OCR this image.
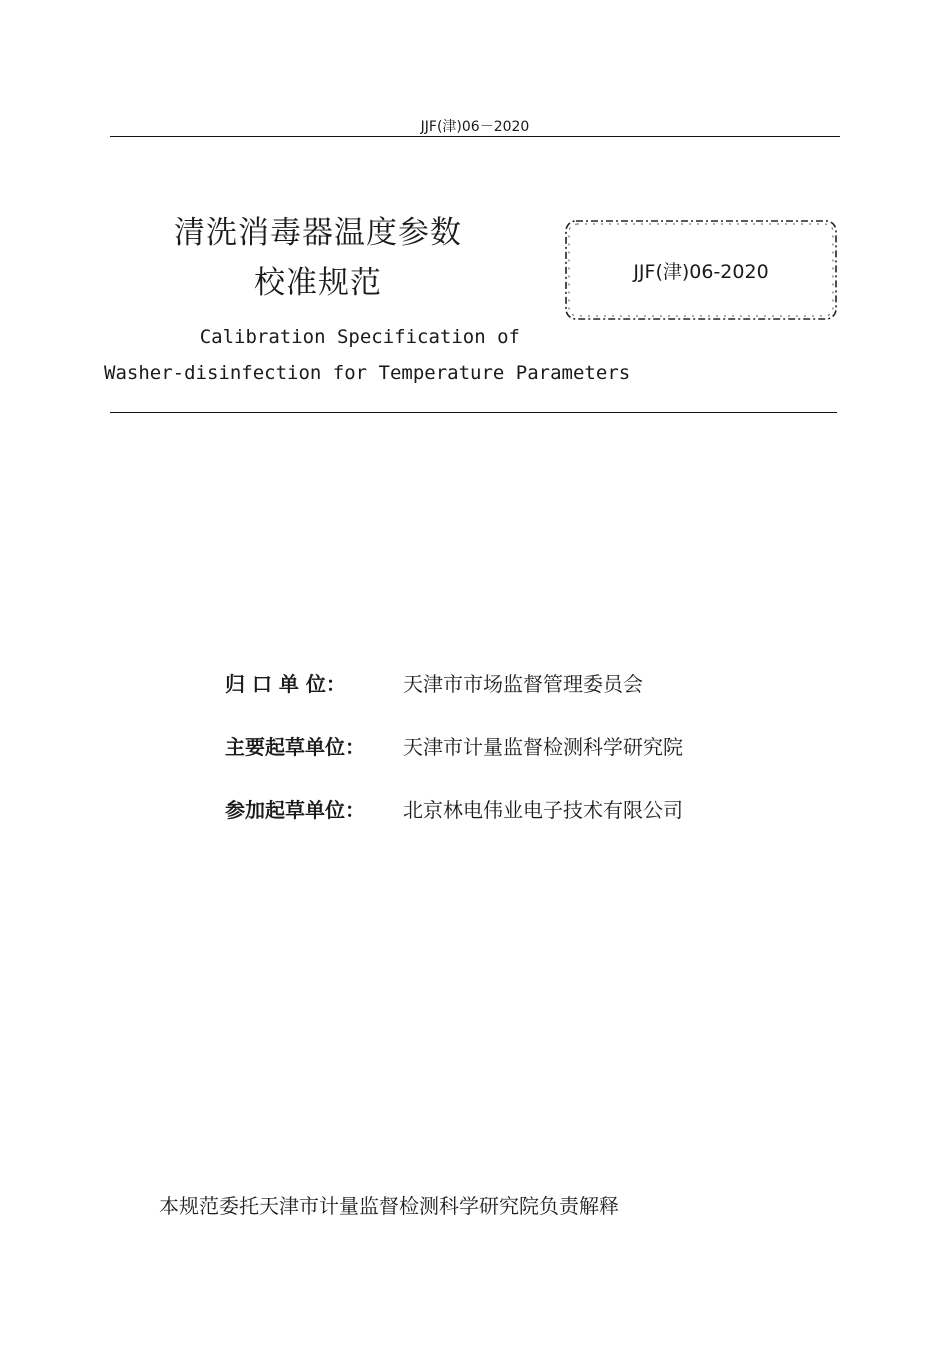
JJF(津)06－2020
清洗消毒器温度参数
校准规范	JJF(津)06-2020
Calibration Specification of
Washer-disinfection for Temperature Parameters
归 口 单 位：	天津市市场监督管理委员会
主要起草单位： 天津市计量监督检测科学研究院
参加起草单位： 北京林电伟业电子技术有限公司
本规范委托天津市计量监督检测科学研究院负责解释
